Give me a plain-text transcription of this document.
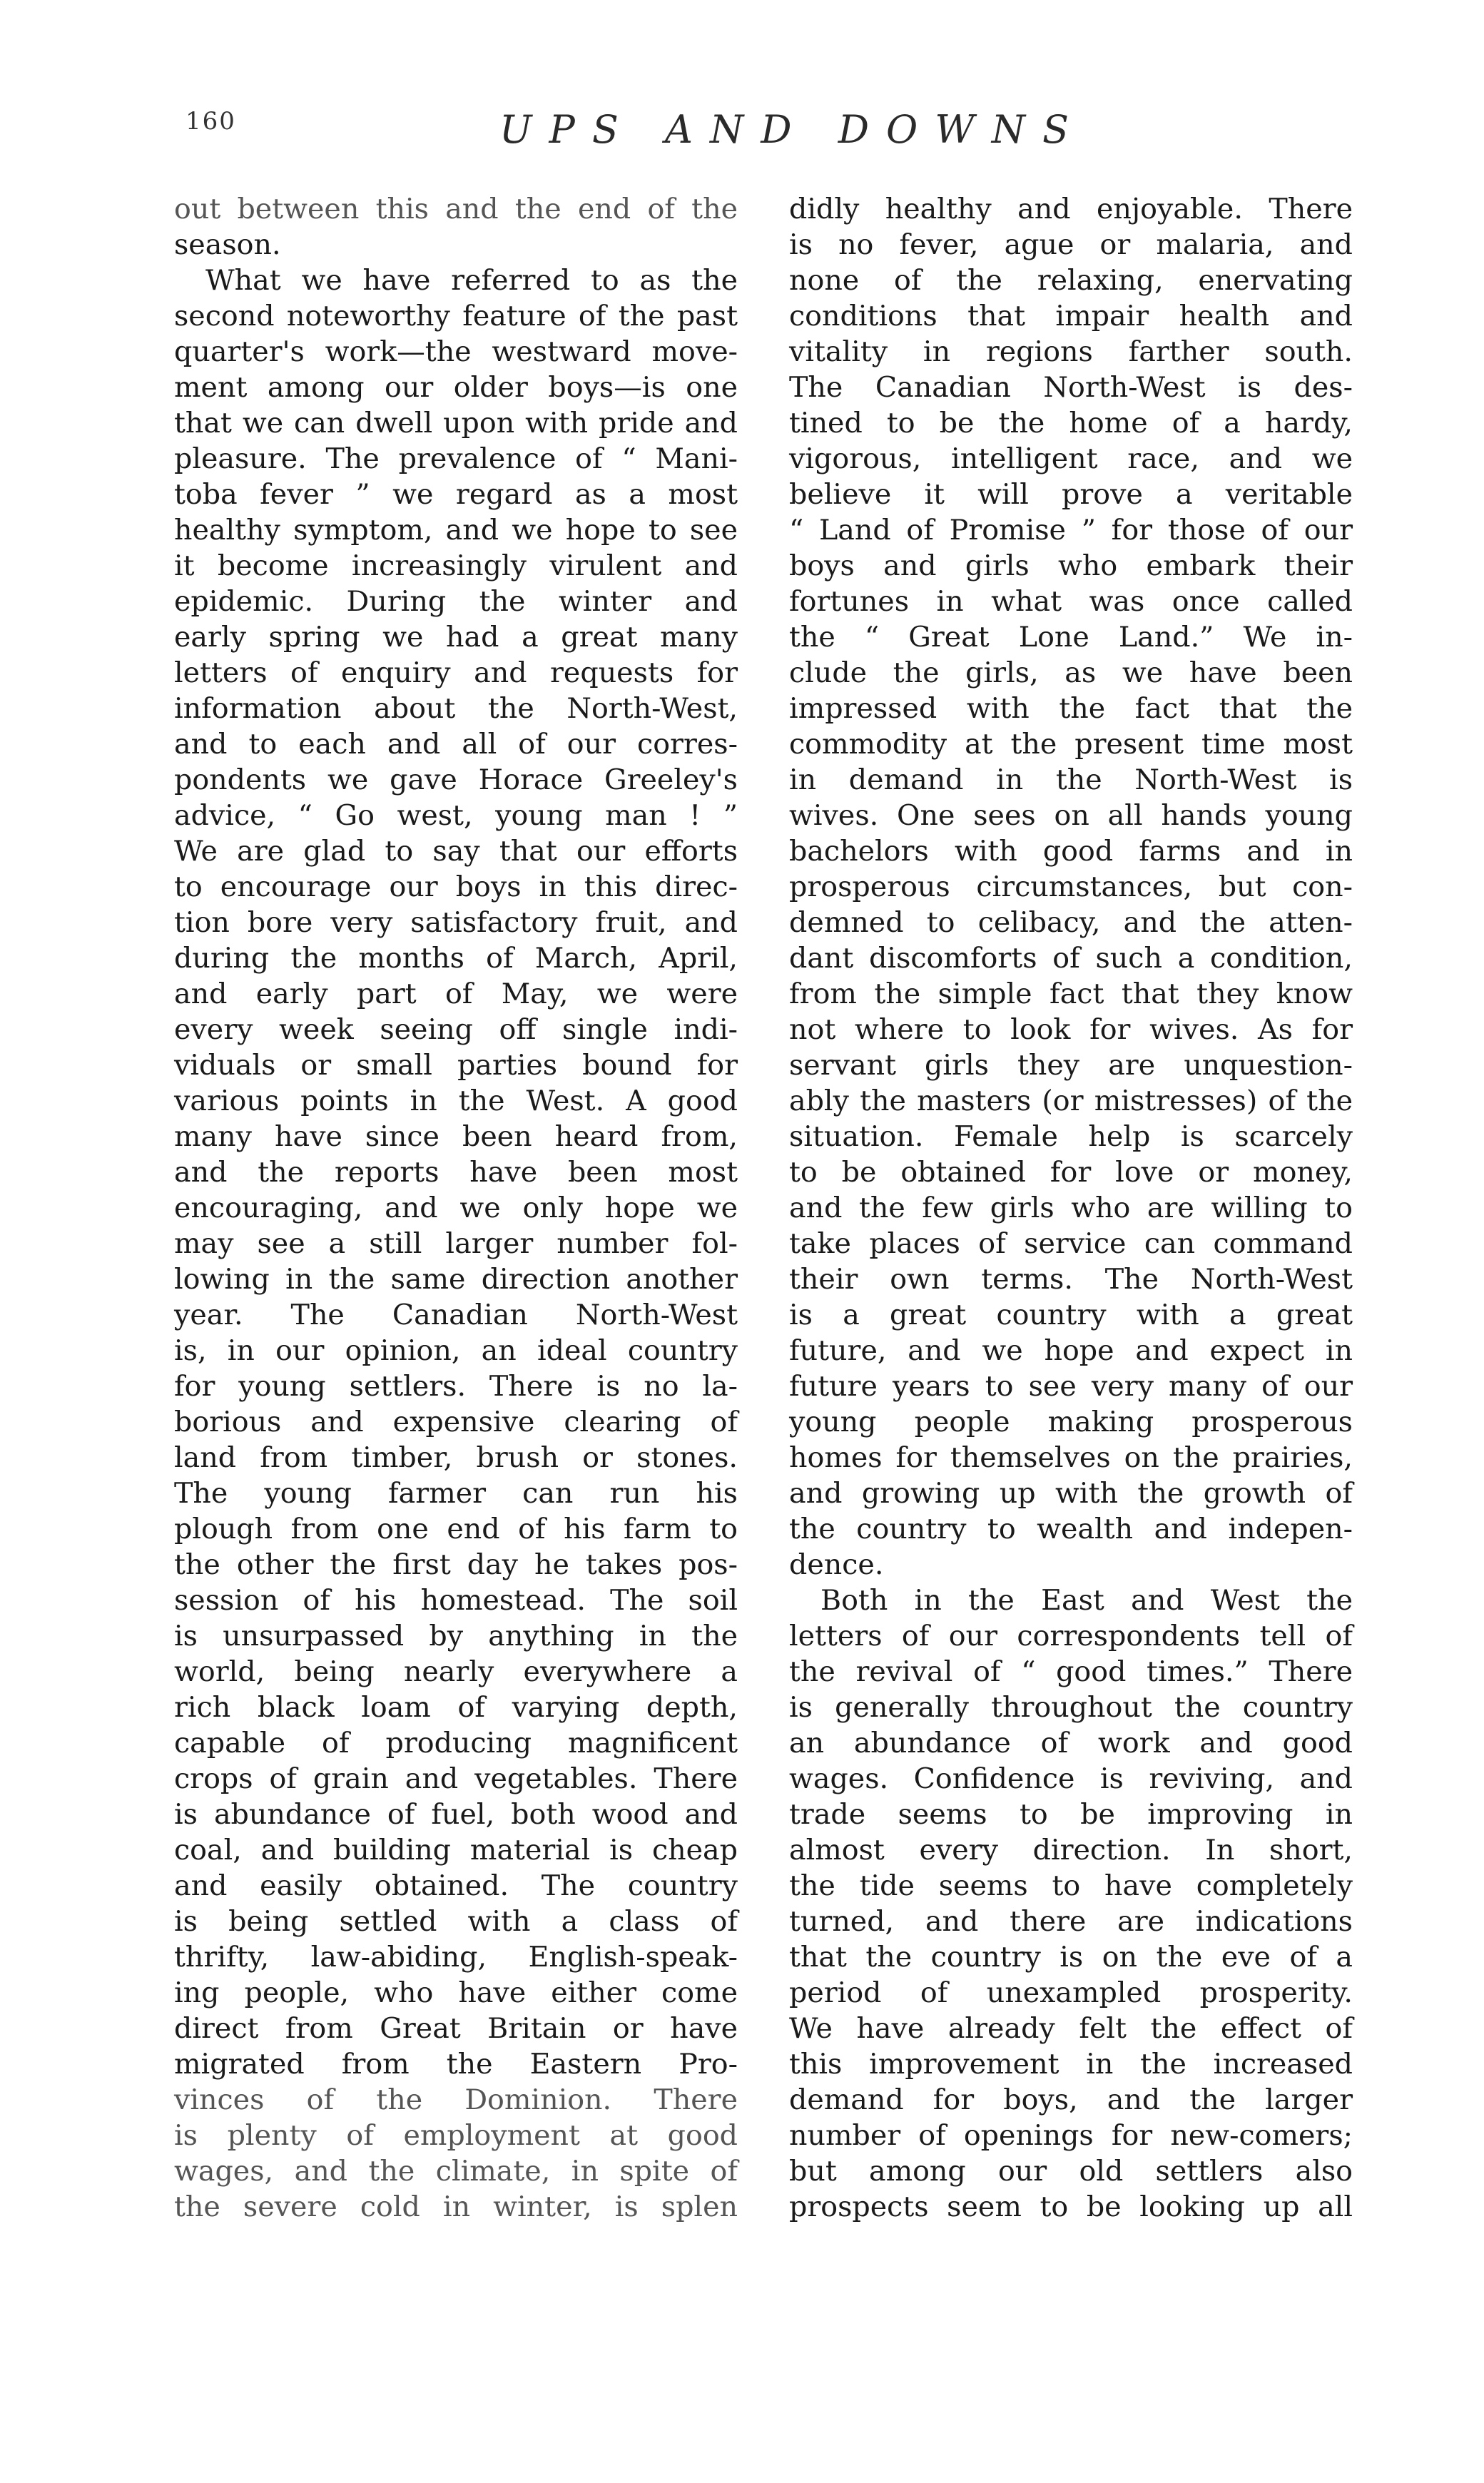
160	UPS AND DOWNS
out between this and the end of the
season.
What we have referred to as the
second noteworthy feature of the past
quarter's work—the westward move-
ment among our older boys—is one
that we can dwell upon with pride and
pleasure. The prevalence of “ Mani-
toba fever ” we regard as a most
healthy symptom, and we hope to see
it become increasingly virulent and
epidemic. During the winter and
early spring we had a great many
letters of enquiry and requests for
information about the North-West,
and to each and all of our corres-
pondents we gave Horace Greeley's
advice, “ Go west, young man ! ”
We are glad to say that our efforts
to encourage our boys in this direc-
tion bore very satisfactory fruit, and
during the months of March, April,
and early part of May, we were
every week seeing off single indi-
viduals or small parties bound for
various points in the West. A good
many have since been heard from,
and the reports have been most
encouraging, and we only hope we
may see a still larger number fol-
lowing in the same direction another
year. The Canadian North-West
is, in our opinion, an ideal country
for young settlers. There is no la-
borious and expensive clearing of
land from timber, brush or stones.
The young farmer can run his
plough from one end of his farm to
the other the first day he takes pos-
session of his homestead. The soil
is unsurpassed by anything in the
world, being nearly everywhere a
rich black loam of varying depth,
capable of producing magnificent
crops of grain and vegetables. There
is abundance of fuel, both wood and
coal, and building material is cheap
and easily obtained. The country
is being settled with a class of
thrifty, law-abiding, English-speak-
ing people, who have either come
direct from Great Britain or have
migrated from the Eastern Pro-
vinces of the Dominion. There
is plenty of employment at good
wages, and the climate, in spite of
the severe cold in winter, is splen
didly healthy and enjoyable. There
is no fever, ague or malaria, and
none of the relaxing, enervating
conditions that impair health and
vitality in regions farther south.
The Canadian North-West is des-
tined to be the home of a hardy,
vigorous, intelligent race, and we
believe it will prove a veritable
“ Land of Promise ” for those of our
boys and girls who embark their
fortunes in what was once called
the “ Great Lone Land.” We in-
clude the girls, as we have been
impressed with the fact that the
commodity at the present time most
in demand in the North-West is
wives. One sees on all hands young
bachelors with good farms and in
prosperous circumstances, but con-
demned to celibacy, and the atten-
dant discomforts of such a condition,
from the simple fact that they know
not where to look for wives. As for
servant girls they are unquestion-
ably the masters (or mistresses) of the
situation. Female help is scarcely
to be obtained for love or money,
and the few girls who are willing to
take places of service can command
their own terms. The North-West
is a great country with a great
future, and we hope and expect in
future years to see very many of our
young people making prosperous
homes for themselves on the prairies,
and growing up with the growth of
the country to wealth and indepen-
dence.
Both in the East and West the
letters of our correspondents tell of
the revival of “ good times.” There
is generally throughout the country
an abundance of work and good
wages. Confidence is reviving, and
trade seems to be improving in
almost every direction. In short,
the tide seems to have completely
turned, and there are indications
that the country is on the eve of a
period of unexampled prosperity.
We have already felt the effect of
this improvement in the increased
demand for boys, and the larger
number of openings for new-comers;
but among our old settlers also
prospects seem to be looking up all
